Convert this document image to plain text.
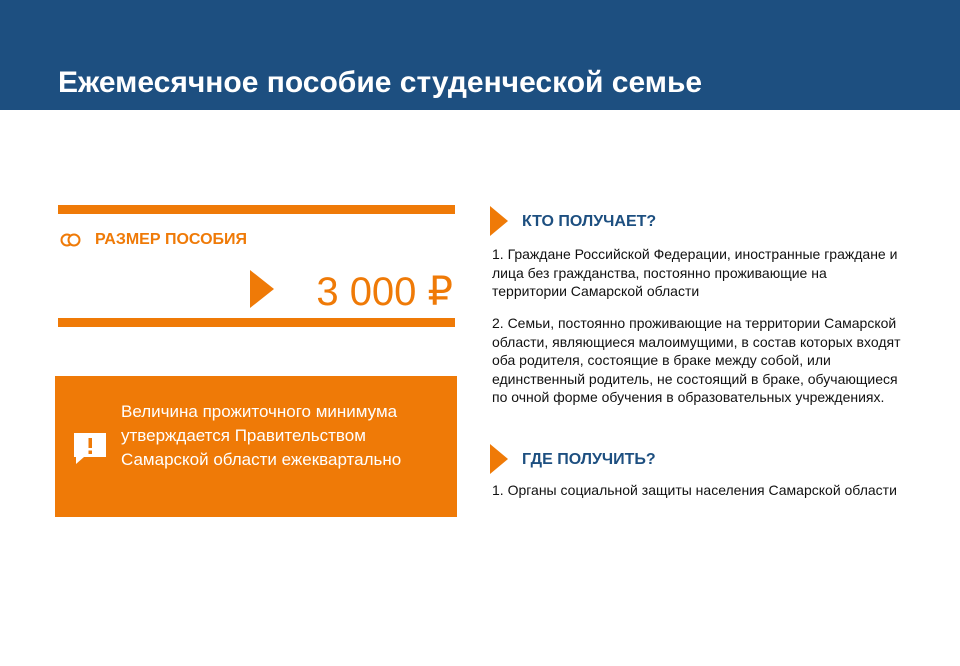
Ежемесячное пособие студенческой семье
РАЗМЕР ПОСОБИЯ
3 000 ₽
Величина прожиточного минимума утверждается Правительством Самарской области ежеквартально
КТО ПОЛУЧАЕТ?

1. Граждане Российской Федерации, иностранные граждане и лица без гражданства, постоянно проживающие на территории Самарской области

2. Семьи, постоянно проживающие на территории Самарской области, являющиеся малоимущими, в состав которых входят оба родителя, состоящие в браке между собой, или единственный родитель, не состоящий в браке, обучающиеся по очной форме обучения в образовательных учреждениях.

ГДЕ ПОЛУЧИТЬ?

1. Органы социальной защиты населения Самарской области
